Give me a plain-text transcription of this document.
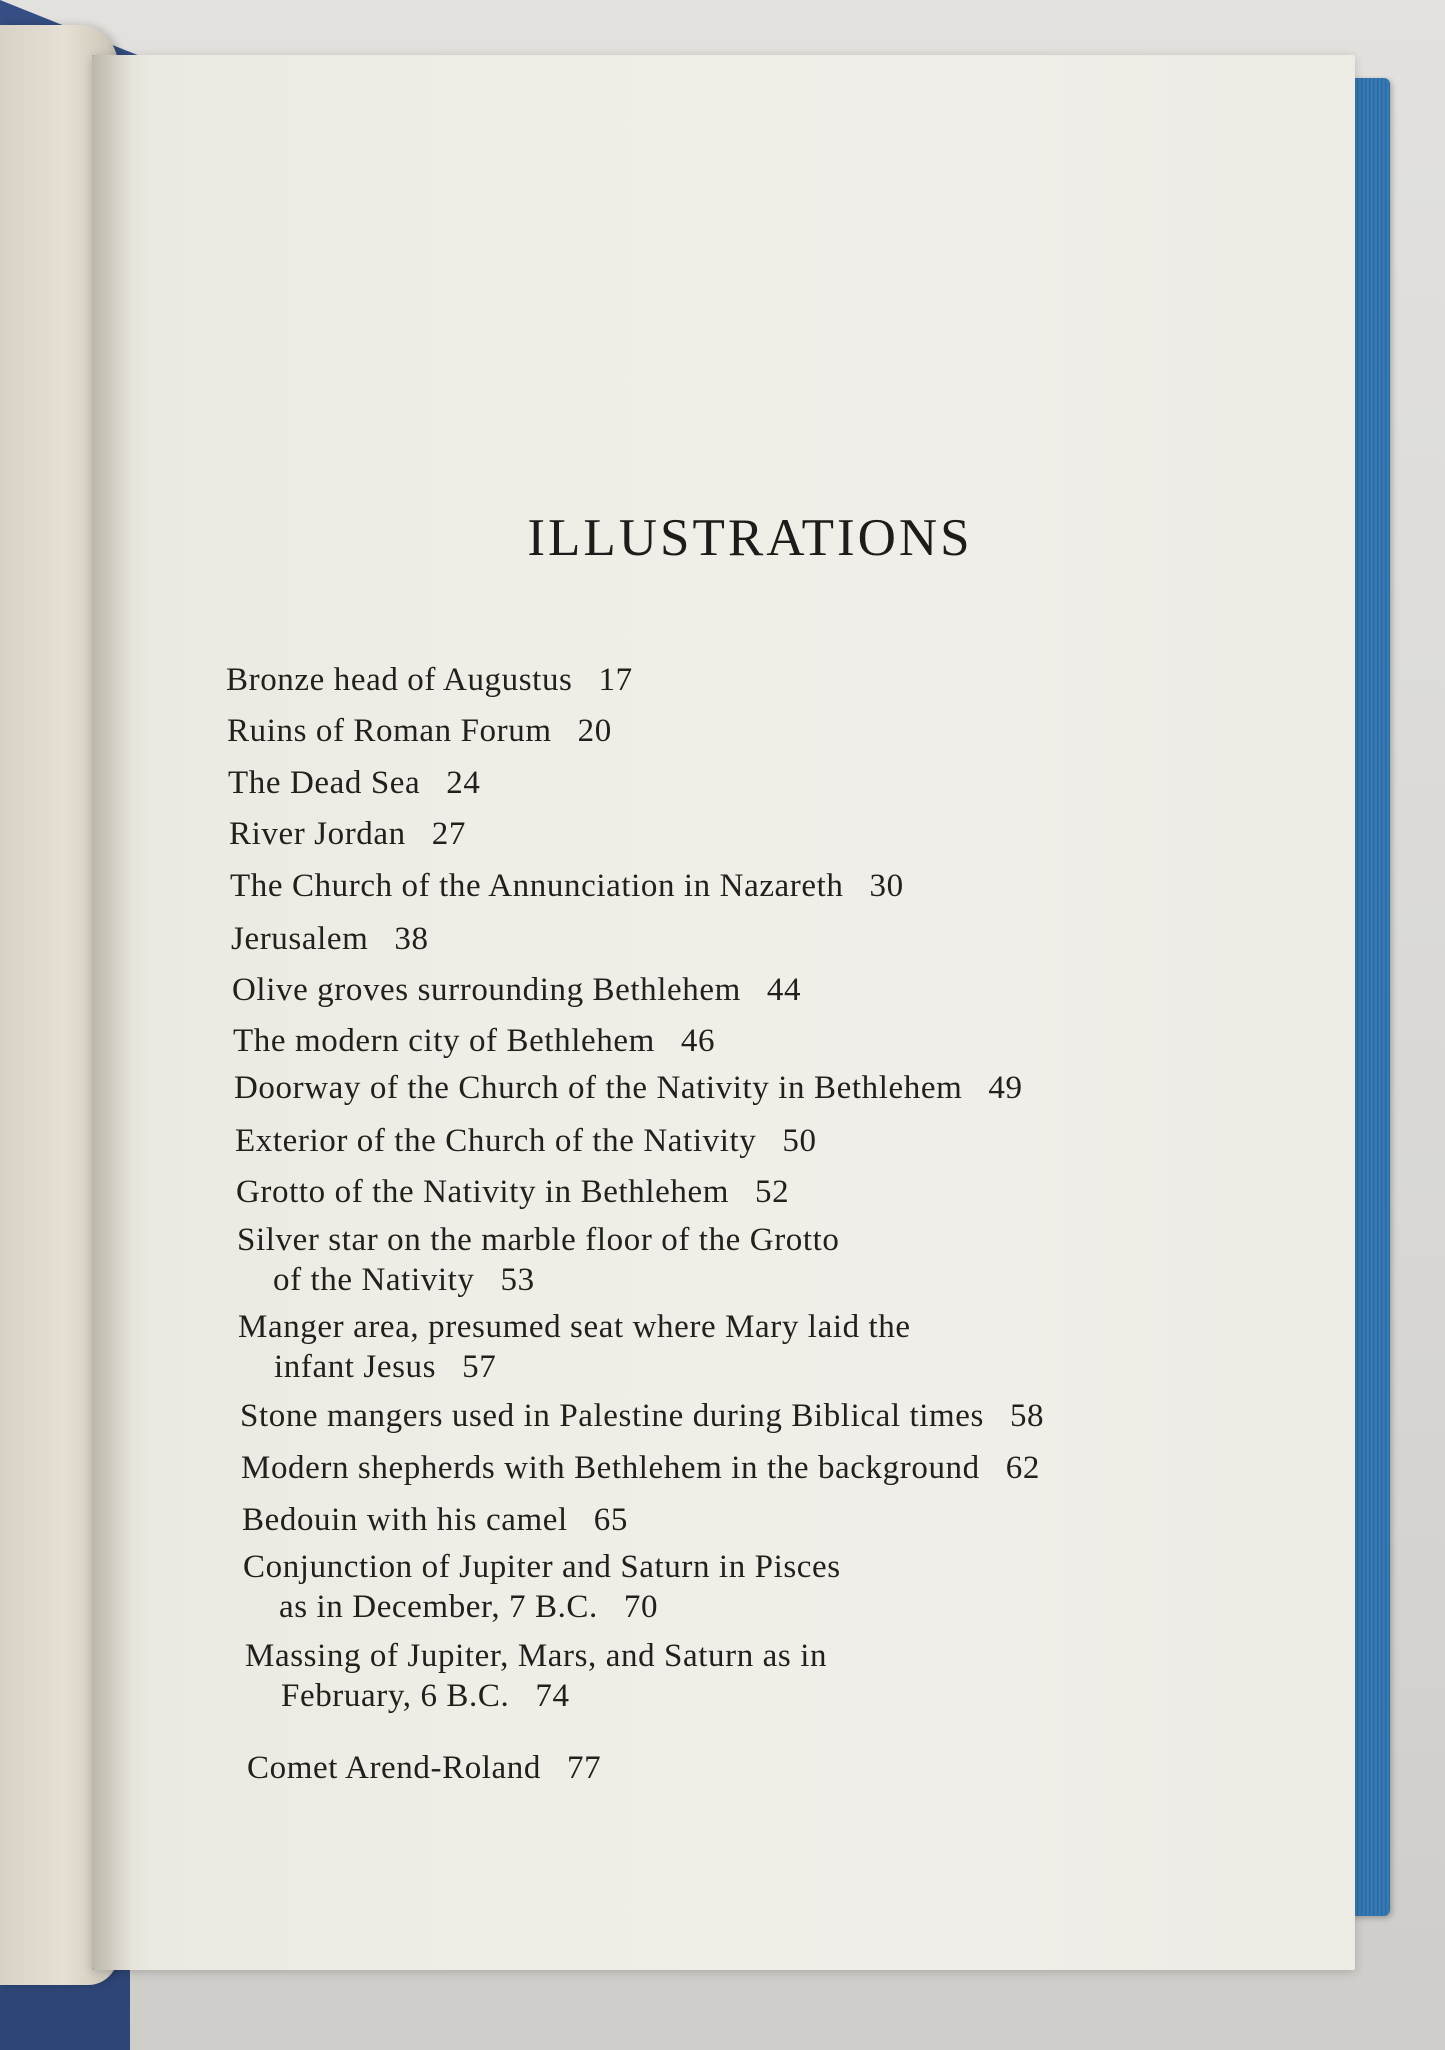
ILLUSTRATIONS
Bronze head of Augustus 17
Ruins of Roman Forum 20
The Dead Sea 24
River Jordan 27
The Church of the Annunciation in Nazareth 30
Jerusalem 38
Olive groves surrounding Bethlehem 44
The modern city of Bethlehem 46
Doorway of the Church of the Nativity in Bethlehem 49
Exterior of the Church of the Nativity 50
Grotto of the Nativity in Bethlehem 52
Silver star on the marble floor of the Grotto
of the Nativity 53
Manger area, presumed seat where Mary laid the
infant Jesus 57
Stone mangers used in Palestine during Biblical times 58
Modern shepherds with Bethlehem in the background 62
Bedouin with his camel 65
Conjunction of Jupiter and Saturn in Pisces
as in December, 7 B.C. 70
Massing of Jupiter, Mars, and Saturn as in
February, 6 B.C. 74
Comet Arend-Roland 77
